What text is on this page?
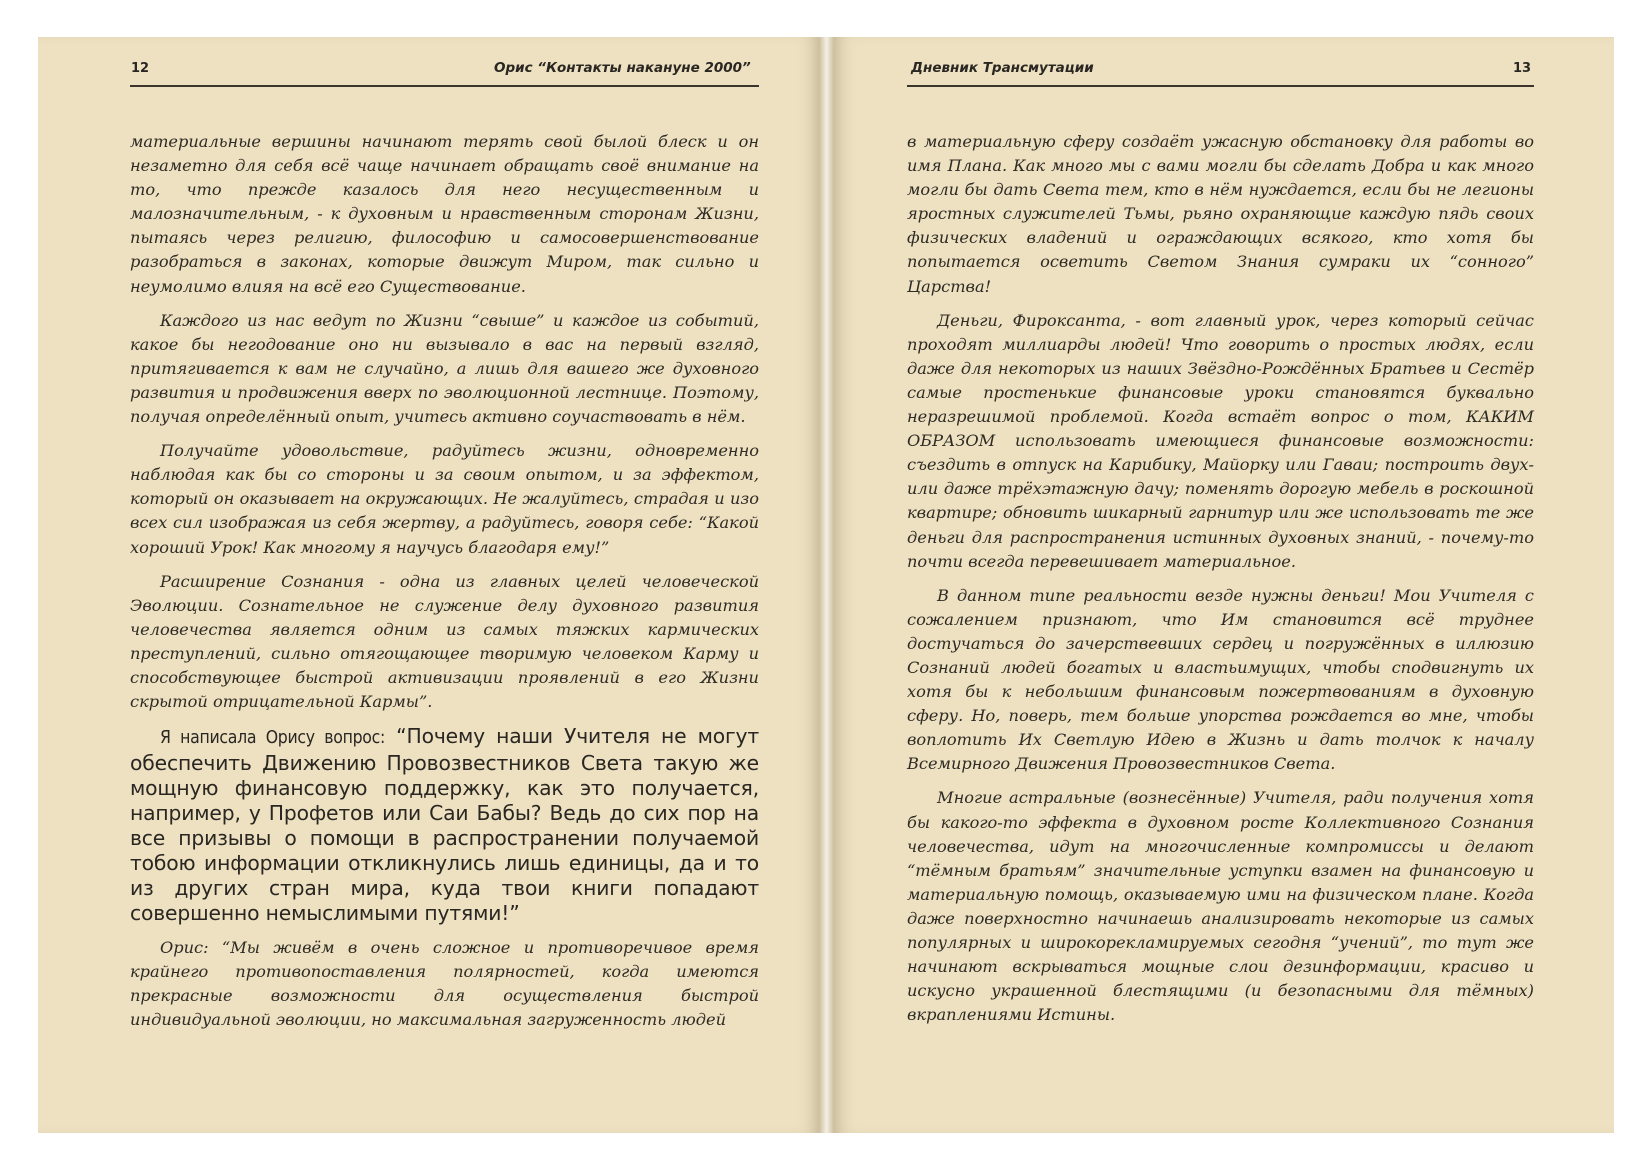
12	Орис “Контакты накануне 2000”

материальные вершины начинают терять свой былой блеск и он незаметно для себя всё чаще начинает обращать своё внимание на то, что прежде казалось для него несущественным и малозначительным, - к духовным и нравственным сторонам Жизни, пытаясь через религию, философию и самосовершенствование разобраться в законах, которые движут Миром, так сильно и неумолимо влияя на всё его Существование.

Каждого из нас ведут по Жизни “свыше” и каждое из событий, какое бы негодование оно ни вызывало в вас на первый взгляд, притягивается к вам не случайно, а лишь для вашего же духовного развития и продвижения вверх по эволюционной лестнице. Поэтому, получая определённый опыт, учитесь активно соучаствовать в нём.

Получайте удовольствие, радуйтесь жизни, одновременно наблюдая как бы со стороны и за своим опытом, и за эффектом, который он оказывает на окружающих. Не жалуйтесь, страдая и изо всех сил изображая из себя жертву, а радуйтесь, говоря себе: “Какой хороший Урок! Как многому я научусь благодаря ему!”

Расширение Сознания - одна из главных целей человеческой Эволюции. Сознательное не служение делу духовного развития человечества является одним из самых тяжких кармических преступлений, сильно отягощающее творимую человеком Карму и способствующее быстрой активизации проявлений в его Жизни скрытой отрицательной Кармы”.

Я написала Орису вопрос: “Почему наши Учителя не могут обеспечить Движению Провозвестников Света такую же мощную финансовую поддержку, как это получается, например, у Профетов или Саи Бабы? Ведь до сих пор на все призывы о помощи в распространении получаемой тобою информации откликнулись лишь единицы, да и то из других стран мира, куда твои книги попадают совершенно немыслимыми путями!”

Орис: “Мы живём в очень сложное и противоречивое время крайнего противопоставления полярностей, когда имеются прекрасные возможности для осуществления быстрой индивидуальной эволюции, но максимальная загруженность людей

Дневник Трансмутации	13

в материальную сферу создаёт ужасную обстановку для работы во имя Плана. Как много мы с вами могли бы сделать Добра и как много могли бы дать Света тем, кто в нём нуждается, если бы не легионы яростных служителей Тьмы, рьяно охраняющие каждую пядь своих физических владений и ограждающих всякого, кто хотя бы попытается осветить Светом Знания сумраки их “сонного” Царства!

Деньги, Фироксанта, - вот главный урок, через который сейчас проходят миллиарды людей! Что говорить о простых людях, если даже для некоторых из наших Звёздно-Рождённых Братьев и Сестёр самые простенькие финансовые уроки становятся буквально неразрешимой проблемой. Когда встаёт вопрос о том, КАКИМ ОБРАЗОМ использовать имеющиеся финансовые возможности: съездить в отпуск на Карибику, Майорку или Гаваи; построить двух- или даже трёхэтажную дачу; поменять дорогую мебель в роскошной квартире; обновить шикарный гарнитур или же использовать те же деньги для распространения истинных духовных знаний, - почему-то почти всегда перевешивает материальное.

В данном типе реальности везде нужны деньги! Мои Учителя с сожалением признают, что Им становится всё труднее достучаться до зачерствевших сердец и погружённых в иллюзию Сознаний людей богатых и властьимущих, чтобы сподвигнуть их хотя бы к небольшим финансовым пожертвованиям в духовную сферу. Но, поверь, тем больше упорства рождается во мне, чтобы воплотить Их Светлую Идею в Жизнь и дать толчок к началу Всемирного Движения Провозвестников Света.

Многие астральные (вознесённые) Учителя, ради получения хотя бы какого-то эффекта в духовном росте Коллективного Сознания человечества, идут на многочисленные компромиссы и делают “тёмным братьям” значительные уступки взамен на финансовую и материальную помощь, оказываемую ими на физическом плане. Когда даже поверхностно начинаешь анализировать некоторые из самых популярных и широкорекламируемых сегодня “учений”, то тут же начинают вскрываться мощные слои дезинформации, красиво и искусно украшенной блестящими (и безопасными для тёмных) вкраплениями Истины.
